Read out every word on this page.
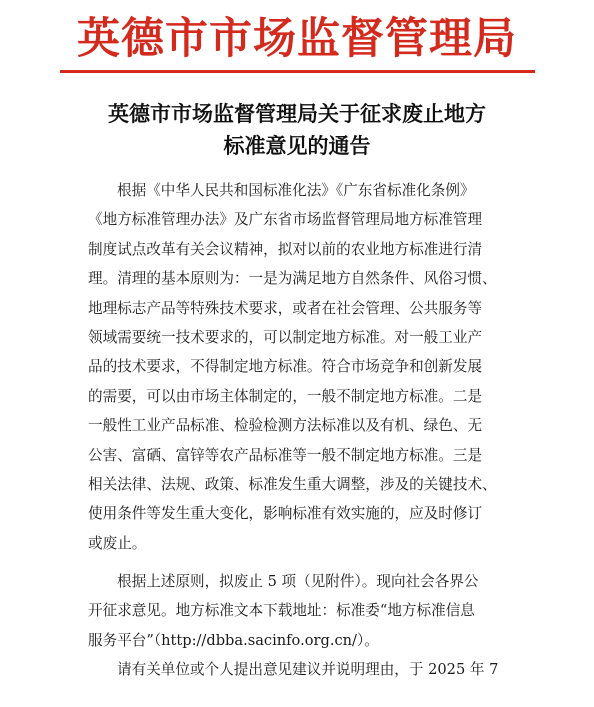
英德市市场监督管理局
英德市市场监督管理局关于征求废止地方
标准意见的通告
根据《中华人民共和国标准化法》《广东省标准化条例》
《地方标准管理办法》及广东省市场监督管理局地方标准管理
制度试点改革有关会议精神，拟对以前的农业地方标准进行清
理。清理的基本原则为：一是为满足地方自然条件、风俗习惯、
地理标志产品等特殊技术要求，或者在社会管理、公共服务等
领域需要统一技术要求的，可以制定地方标准。对一般工业产
品的技术要求，不得制定地方标准。符合市场竞争和创新发展
的需要，可以由市场主体制定的，一般不制定地方标准。二是
一般性工业产品标准、检验检测方法标准以及有机、绿色、无
公害、富硒、富锌等农产品标准等一般不制定地方标准。三是
相关法律、法规、政策、标准发生重大调整，涉及的关键技术、
使用条件等发生重大变化，影响标准有效实施的，应及时修订
或废止。
根据上述原则，拟废止 5 项（见附件）。现向社会各界公
开征求意见。地方标准文本下载地址：标准委“地方标准信息
服务平台”（http://dbba.sacinfo.org.cn/）。
请有关单位或个人提出意见建议并说明理由，于 2025 年 7
